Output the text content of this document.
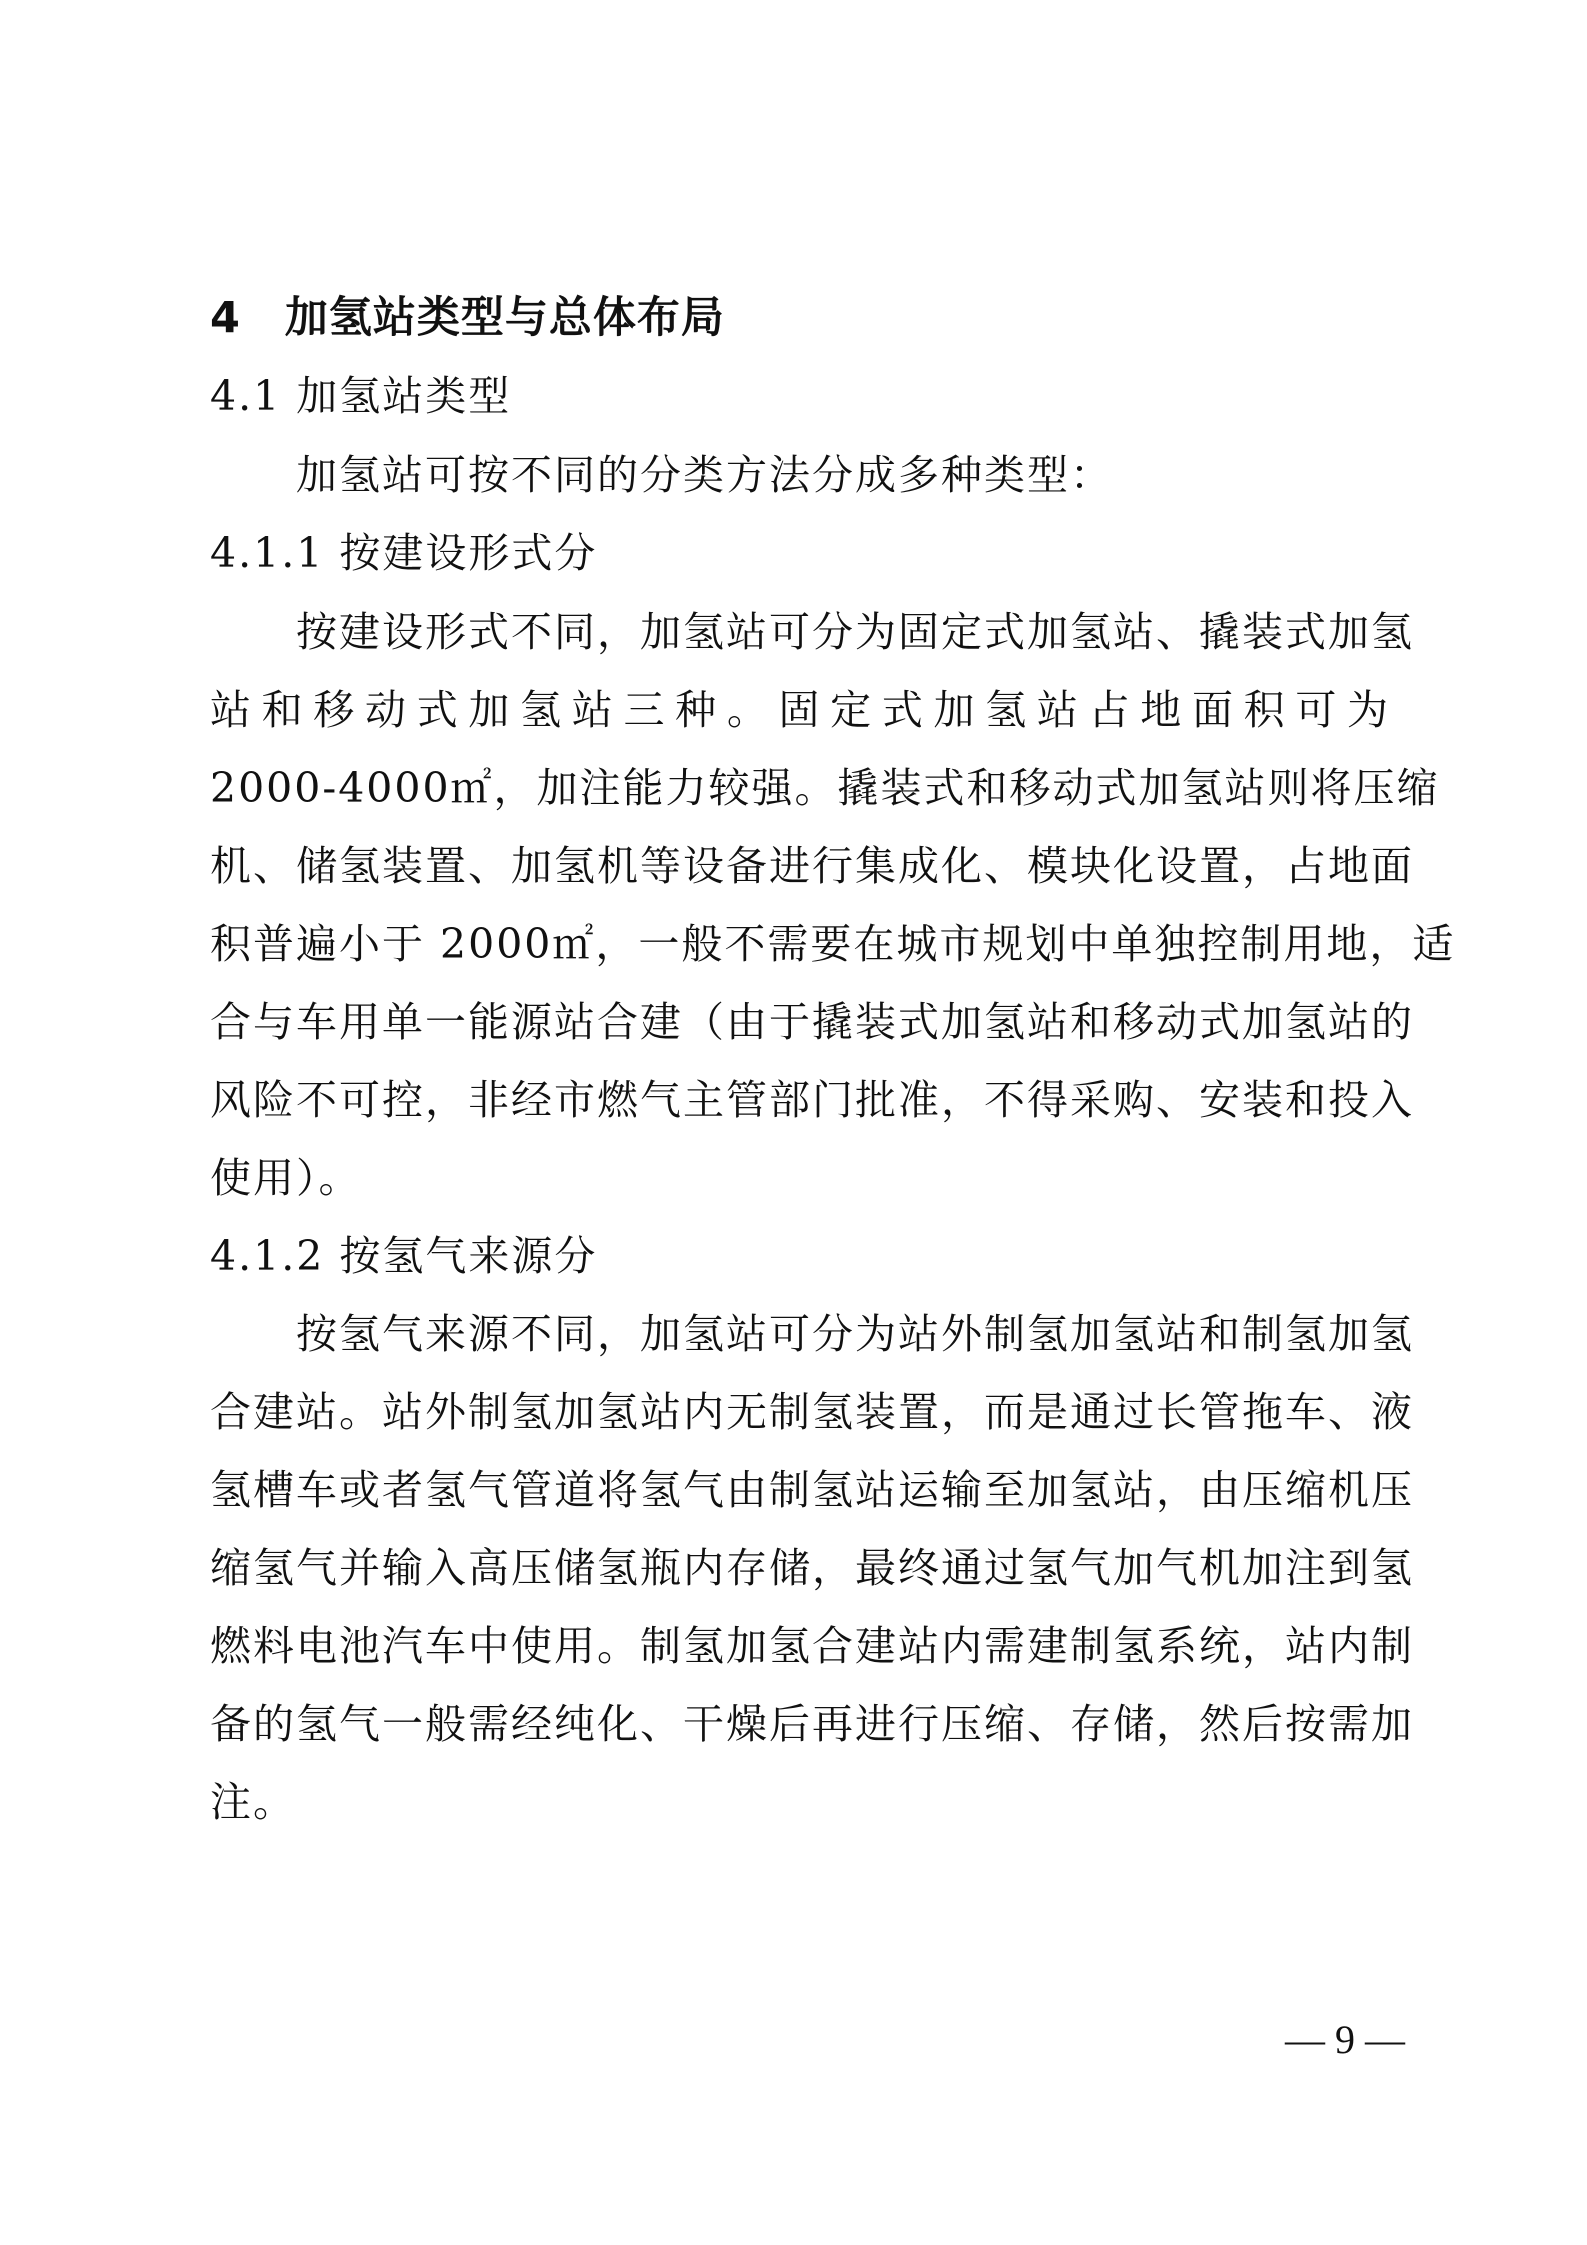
4　加氢站类型与总体布局
4.1 加氢站类型
加氢站可按不同的分类方法分成多种类型：
4.1.1 按建设形式分
按建设形式不同，加氢站可分为固定式加氢站、撬装式加氢
站和移动式加氢站三种。固定式加氢站占地面积可为
2000-4000㎡，加注能力较强。撬装式和移动式加氢站则将压缩
机、储氢装置、加氢机等设备进行集成化、模块化设置，占地面
积普遍小于 2000㎡，一般不需要在城市规划中单独控制用地，适
合与车用单一能源站合建（由于撬装式加氢站和移动式加氢站的
风险不可控，非经市燃气主管部门批准，不得采购、安装和投入
使用）。
4.1.2 按氢气来源分
按氢气来源不同，加氢站可分为站外制氢加氢站和制氢加氢
合建站。站外制氢加氢站内无制氢装置，而是通过长管拖车、液
氢槽车或者氢气管道将氢气由制氢站运输至加氢站，由压缩机压
缩氢气并输入高压储氢瓶内存储，最终通过氢气加气机加注到氢
燃料电池汽车中使用。制氢加氢合建站内需建制氢系统，站内制
备的氢气一般需经纯化、干燥后再进行压缩、存储，然后按需加
注。
— 9 —
